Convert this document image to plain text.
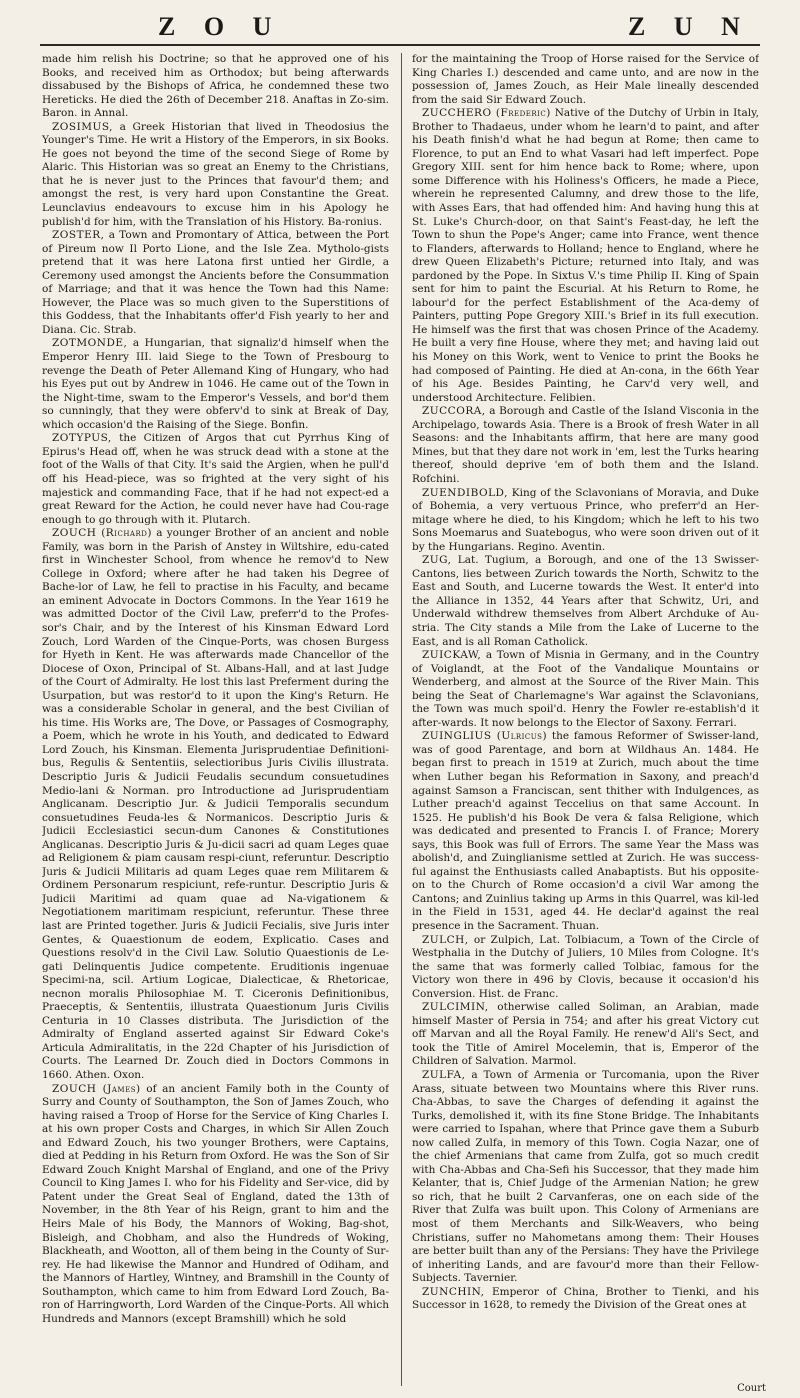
Z O U	Z U N

made him relish his Doctrine; so that he approved one of his Books, and received him as Orthodox; but being afterwards dissabused by the Bishops of Africa, he condemned these two Hereticks. He died the 26th of December 218. Anaftas in Zo-sim. Baron. in Annal.

ZOSIMUS, a Greek Historian that lived in Theodosius the Younger's Time. He writ a History of the Emperors, in six Books. He goes not beyond the time of the second Siege of Rome by Alaric. This Historian was so great an Enemy to the Christians, that he is never just to the Princes that favour'd them; and amongst the rest, is very hard upon Constantine the Great. Leunclavius endeavours to excuse him in his Apology he publish'd for him, with the Translation of his History. Ba-ronius.

ZOSTER, a Town and Promontary of Attica, between the Port of Pireum now Il Porto Lione, and the Isle Zea. Mytholo-gists pretend that it was here Latona first untied her Girdle, a Ceremony used amongst the Ancients before the Consummation of Marriage; and that it was hence the Town had this Name: However, the Place was so much given to the Superstitions of this Goddess, that the Inhabitants offer'd Fish yearly to her and Diana. Cic. Strab.

ZOTMONDE, a Hungarian, that signaliz'd himself when the Emperor Henry III. laid Siege to the Town of Presbourg to revenge the Death of Peter Allemand King of Hungary, who had his Eyes put out by Andrew in 1046. He came out of the Town in the Night-time, swam to the Emperor's Vessels, and bor'd them so cunningly, that they were obferv'd to sink at Break of Day, which occasion'd the Raising of the Siege. Bonfin.

ZOTYPUS, the Citizen of Argos that cut Pyrrhus King of Epirus's Head off, when he was struck dead with a stone at the foot of the Walls of that City. It's said the Argien, when he pull'd off his Head-piece, was so frighted at the very sight of his majestick and commanding Face, that if he had not expect-ed a great Reward for the Action, he could never have had Cou-rage enough to go through with it. Plutarch.

ZOUCH (Richard) a younger Brother of an ancient and noble Family, was born in the Parish of Anstey in Wiltshire, edu-cated first in Winchester School, from whence he remov'd to New College in Oxford; where after he had taken his Degree of Bache-lor of Law, he fell to practise in his Faculty, and became an eminent Advocate in Doctors Commons. In the Year 1619 he was admitted Doctor of the Civil Law, preferr'd to the Profes-sor's Chair, and by the Interest of his Kinsman Edward Lord Zouch, Lord Warden of the Cinque-Ports, was chosen Burgess for Hyeth in Kent. He was afterwards made Chancellor of the Diocese of Oxon, Principal of St. Albans-Hall, and at last Judge of the Court of Admiralty. He lost this last Preferment during the Usurpation, but was restor'd to it upon the King's Return. He was a considerable Scholar in general, and the best Civilian of his time. His Works are, The Dove, or Passages of Cosmography, a Poem, which he wrote in his Youth, and dedicated to Edward Lord Zouch, his Kinsman. Elementa Jurisprudentiae Definitioni-bus, Regulis & Sententiis, selectioribus Juris Civilis illustrata. Descriptio Juris & Judicii Feudalis secundum consuetudines Medio-lani & Norman. pro Introductione ad Jurisprudentiam Anglicanam. Descriptio Jur. & Judicii Temporalis secundum consuetudines Feuda-les & Normanicos. Descriptio Juris & Judicii Ecclesiastici secun-dum Canones & Constitutiones Anglicanas. Descriptio Juris & Ju-dicii sacri ad quam Leges quae ad Religionem & piam causam respi-ciunt, referuntur. Descriptio Juris & Judicii Militaris ad quam Leges quae rem Militarem & Ordinem Personarum respiciunt, refe-runtur. Descriptio Juris & Judicii Maritimi ad quam quae ad Na-vigationem & Negotiationem maritimam respiciunt, referuntur. These three last are Printed together. Juris & Judicii Fecialis, sive Juris inter Gentes, & Quaestionum de eodem, Explicatio. Cases and Questions resolv'd in the Civil Law. Solutio Quaestionis de Le-gati Delinquentis Judice competente. Eruditionis ingenuae Specimi-na, scil. Artium Logicae, Dialecticae, & Rhetoricae, necnon moralis Philosophiae M. T. Ciceronis Definitionibus, Praeceptis, & Sententiis, illustrata Quaestionum Juris Civilis Centuria in 10 Classes distributa. The Jurisdiction of the Admiralty of England asserted against Sir Edward Coke's Articula Admiralitatis, in the 22d Chapter of his Jurisdiction of Courts. The Learned Dr. Zouch died in Doctors Commons in 1660. Athen. Oxon.

ZOUCH (James) of an ancient Family both in the County of Surry and County of Southampton, the Son of James Zouch, who having raised a Troop of Horse for the Service of King Charles I. at his own proper Costs and Charges, in which Sir Allen Zouch and Edward Zouch, his two younger Brothers, were Captains, died at Pedding in his Return from Oxford. He was the Son of Sir Edward Zouch Knight Marshal of England, and one of the Privy Council to King James I. who for his Fidelity and Ser-vice, did by Patent under the Great Seal of England, dated the 13th of November, in the 8th Year of his Reign, grant to him and the Heirs Male of his Body, the Mannors of Woking, Bag-shot, Bisleigh, and Chobham, and also the Hundreds of Woking, Blackheath, and Wootton, all of them being in the County of Sur-rey. He had likewise the Mannor and Hundred of Odiham, and the Mannors of Hartley, Wintney, and Bramshill in the County of Southampton, which came to him from Edward Lord Zouch, Ba-ron of Harringworth, Lord Warden of the Cinque-Ports. All which Hundreds and Mannors (except Bramshill) which he sold

for the maintaining the Troop of Horse raised for the Service of King Charles I.) descended and came unto, and are now in the possession of, James Zouch, as Heir Male lineally descended from the said Sir Edward Zouch.

ZUCCHERO (Frederic) Native of the Dutchy of Urbin in Italy, Brother to Thadaeus, under whom he learn'd to paint, and after his Death finish'd what he had begun at Rome; then came to Florence, to put an End to what Vasari had left imperfect. Pope Gregory XIII. sent for him hence back to Rome; where, upon some Difference with his Holiness's Officers, he made a Piece, wherein he represented Calumny, and drew those to the life, with Asses Ears, that had offended him: And having hung this at St. Luke's Church-door, on that Saint's Feast-day, he left the Town to shun the Pope's Anger; came into France, went thence to Flanders, afterwards to Holland; hence to England, where he drew Queen Elizabeth's Picture; returned into Italy, and was pardoned by the Pope. In Sixtus V.'s time Philip II. King of Spain sent for him to paint the Escurial. At his Return to Rome, he labour'd for the perfect Establishment of the Aca-demy of Painters, putting Pope Gregory XIII.'s Brief in its full execution. He himself was the first that was chosen Prince of the Academy. He built a very fine House, where they met; and having laid out his Money on this Work, went to Venice to print the Books he had composed of Painting. He died at An-cona, in the 66th Year of his Age. Besides Painting, he Carv'd very well, and understood Architecture. Felibien.

ZUCCORA, a Borough and Castle of the Island Visconia in the Archipelago, towards Asia. There is a Brook of fresh Water in all Seasons: and the Inhabitants affirm, that here are many good Mines, but that they dare not work in 'em, lest the Turks hearing thereof, should deprive 'em of both them and the Island. Rofchini.

ZUENDIBOLD, King of the Sclavonians of Moravia, and Duke of Bohemia, a very vertuous Prince, who preferr'd an Her-mitage where he died, to his Kingdom; which he left to his two Sons Moemarus and Suatebogus, who were soon driven out of it by the Hungarians. Regino. Aventin.

ZUG, Lat. Tugium, a Borough, and one of the 13 Swisser-Cantons, lies between Zurich towards the North, Schwitz to the East and South, and Lucerne towards the West. It enter'd into the Alliance in 1352, 44 Years after that Schwitz, Uri, and Underwald withdrew themselves from Albert Archduke of Au-stria. The City stands a Mile from the Lake of Lucerne to the East, and is all Roman Catholick.

ZUICKAW, a Town of Misnia in Germany, and in the Country of Voiglandt, at the Foot of the Vandalique Mountains or Wenderberg, and almost at the Source of the River Main. This being the Seat of Charlemagne's War against the Sclavonians, the Town was much spoil'd. Henry the Fowler re-establish'd it after-wards. It now belongs to the Elector of Saxony. Ferrari.

ZUINGLIUS (Ulricus) the famous Reformer of Swisser-land, was of good Parentage, and born at Wildhaus An. 1484. He began first to preach in 1519 at Zurich, much about the time when Luther began his Reformation in Saxony, and preach'd against Samson a Franciscan, sent thither with Indulgences, as Luther preach'd against Teccelius on that same Account. In 1525. He publish'd his Book De vera & falsa Religione, which was dedicated and presented to Francis I. of France; Morery says, this Book was full of Errors. The same Year the Mass was abolish'd, and Zuinglianisme settled at Zurich. He was success-ful against the Enthusiasts called Anabaptists. But his opposite-on to the Church of Rome occasion'd a civil War among the Cantons; and Zuinlius taking up Arms in this Quarrel, was kil-led in the Field in 1531, aged 44. He declar'd against the real presence in the Sacrament. Thuan.

ZULCH, or Zulpich, Lat. Tolbiacum, a Town of the Circle of Westphalia in the Dutchy of Juliers, 10 Miles from Cologne. It's the same that was formerly called Tolbiac, famous for the Victory won there in 496 by Clovis, because it occasion'd his Conversion. Hist. de Franc.

ZULCIMIN, otherwise called Soliman, an Arabian, made himself Master of Persia in 754; and after his great Victory cut off Marvan and all the Royal Family. He renew'd Ali's Sect, and took the Title of Amirel Mocelemin, that is, Emperor of the Children of Salvation. Marmol.

ZULFA, a Town of Armenia or Turcomania, upon the River Arass, situate between two Mountains where this River runs. Cha-Abbas, to save the Charges of defending it against the Turks, demolished it, with its fine Stone Bridge. The Inhabitants were carried to Ispahan, where that Prince gave them a Suburb now called Zulfa, in memory of this Town. Cogia Nazar, one of the chief Armenians that came from Zulfa, got so much credit with Cha-Abbas and Cha-Sefi his Successor, that they made him Kelanter, that is, Chief Judge of the Armenian Nation; he grew so rich, that he built 2 Carvanferas, one on each side of the River that Zulfa was built upon. This Colony of Armenians are most of them Merchants and Silk-Weavers, who being Christians, suffer no Mahometans among them: Their Houses are better built than any of the Persians: They have the Privilege of inheriting Lands, and are favour'd more than their Fellow-Subjects. Tavernier.

ZUNCHIN, Emperor of China, Brother to Tienki, and his Successor in 1628, to remedy the Division of the Great ones at

Court
